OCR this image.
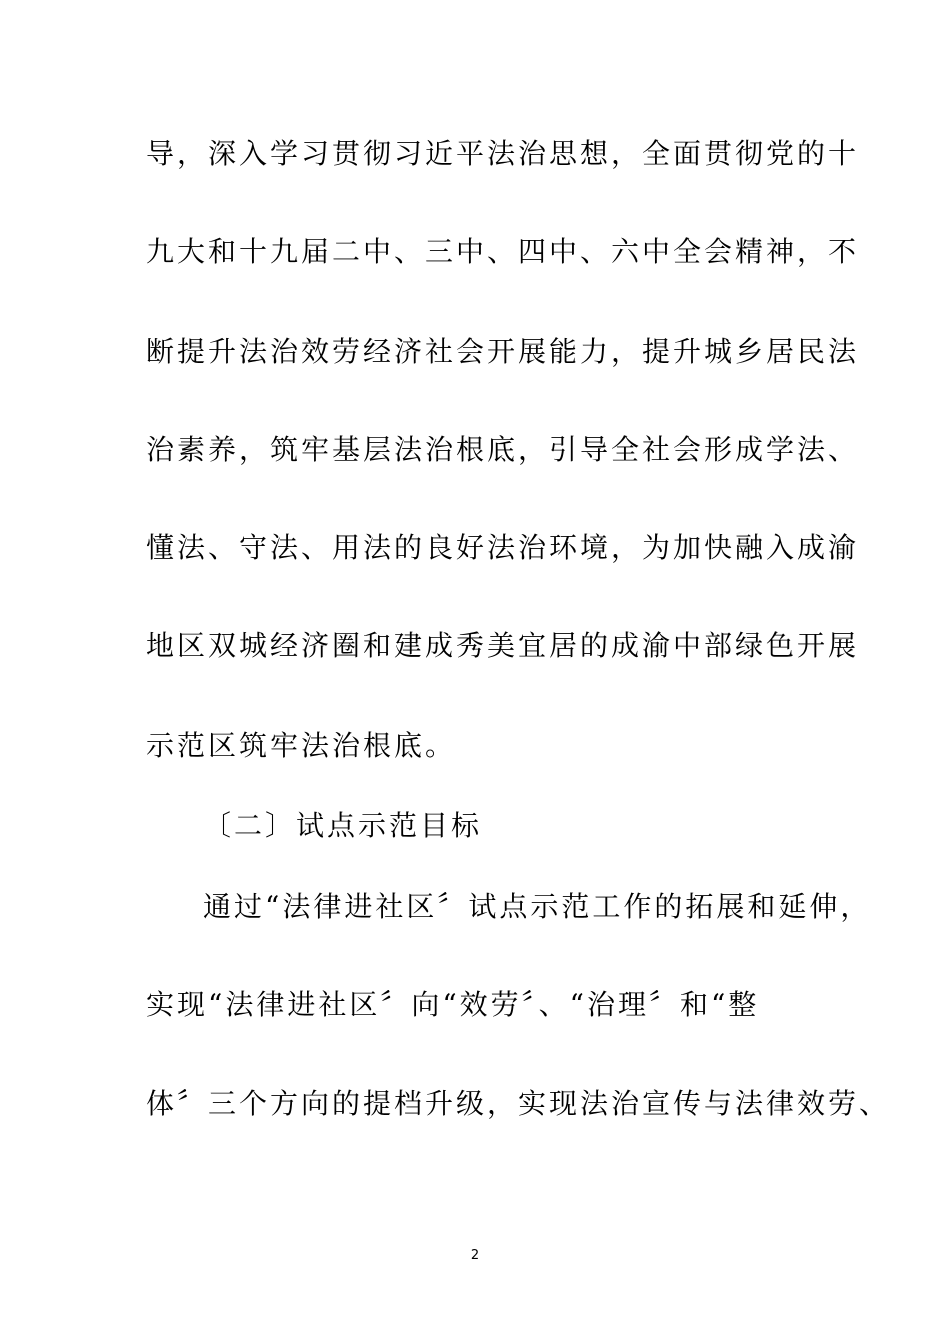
导，深入学习贯彻习近平法治思想，全面贯彻党的十
九大和十九届二中、三中、四中、六中全会精神，不
断提升法治效劳经济社会开展能力，提升城乡居民法
治素养，筑牢基层法治根底，引导全社会形成学法、
懂法、守法、用法的良好法治环境，为加快融入成渝
地区双城经济圈和建成秀美宜居的成渝中部绿色开展
示范区筑牢法治根底。
〔二〕试点示范目标
通过“法律进社区〞试点示范工作的拓展和延伸，
实现“法律进社区〞向“效劳〞、“治理〞和“整
体〞三个方向的提档升级，实现法治宣传与法律效劳、
2
